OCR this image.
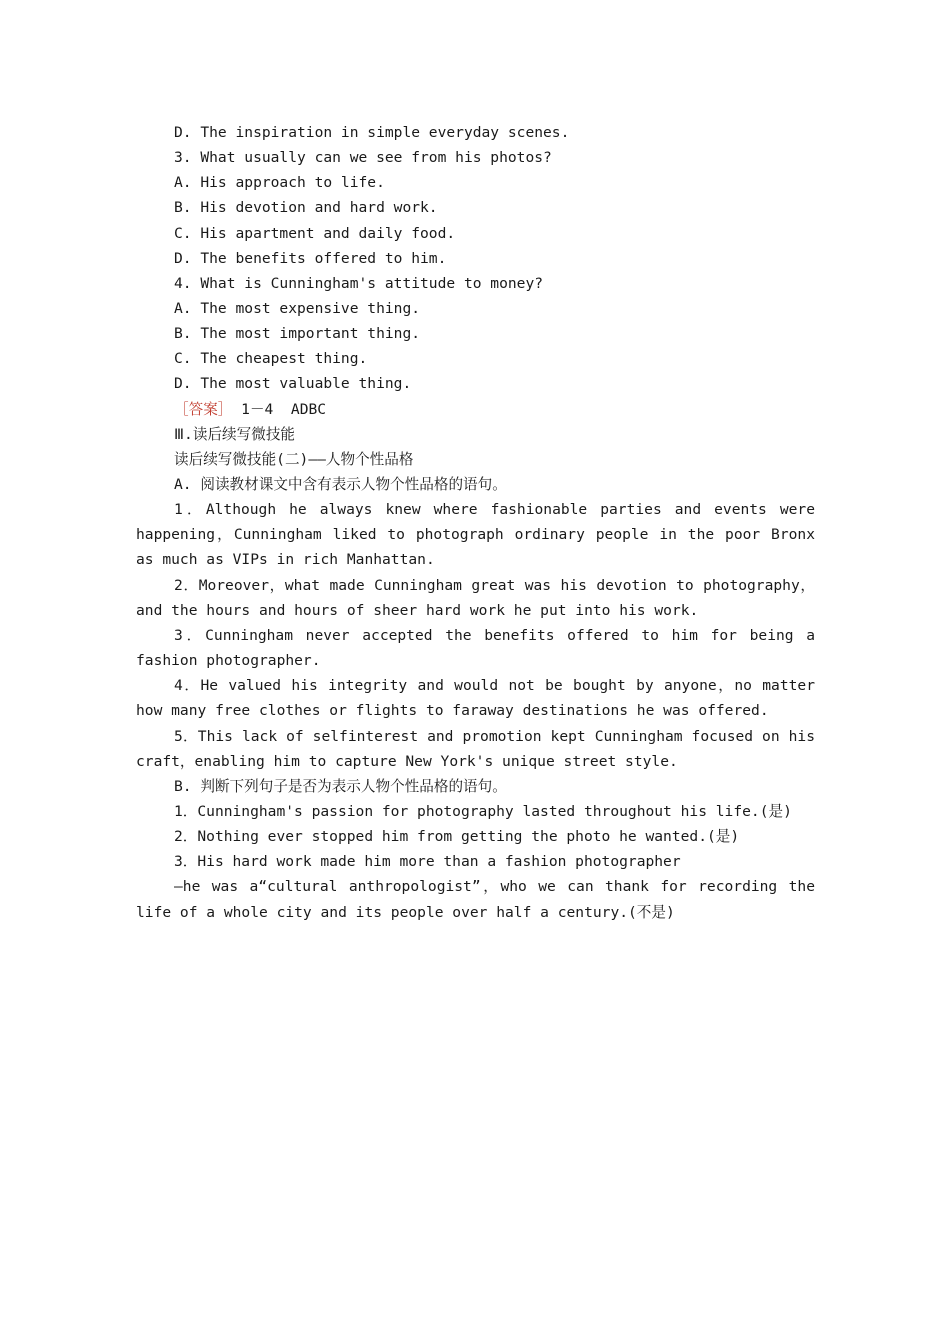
D. The inspiration in simple everyday scenes.
3. What usually can we see from his photos?
A. His approach to life.
B. His devotion and hard work.
C. His apartment and daily food.
D. The benefits offered to him.
4. What is Cunningham's attitude to money?
A. The most expensive thing.
B. The most important thing.
C. The cheapest thing.
D. The most valuable thing.
［答案］ 1－4  ADBC
Ⅲ.读后续写微技能
读后续写微技能(二)——人物个性品格
A. 阅读教材课文中含有表示人物个性品格的语句。
1．Although he always knew where fashionable parties and events were happening，Cunningham liked to photograph ordinary people in the poor Bronx as much as VIPs in rich Manhattan.
2．Moreover，what made Cunningham great was his devotion to photography，and the hours and hours of sheer hard work he put into his work.
3．Cunningham never accepted the benefits offered to him for being a fashion photographer.
4．He valued his integrity and would not be bought by anyone，no matter how many free clothes or flights to faraway destinations he was offered.
5．This lack of selfinterest and promotion kept Cunningham focused on his craft，enabling him to capture New York's unique street style.
B. 判断下列句子是否为表示人物个性品格的语句。
1．Cunningham's passion for photography lasted throughout his life.(是)
2．Nothing ever stopped him from getting the photo he wanted.(是)
3．His hard work made him more than a fashion photographer
—he was a“cultural anthropologist”，who we can thank for recording the life of a whole city and its people over half a century.(不是)
